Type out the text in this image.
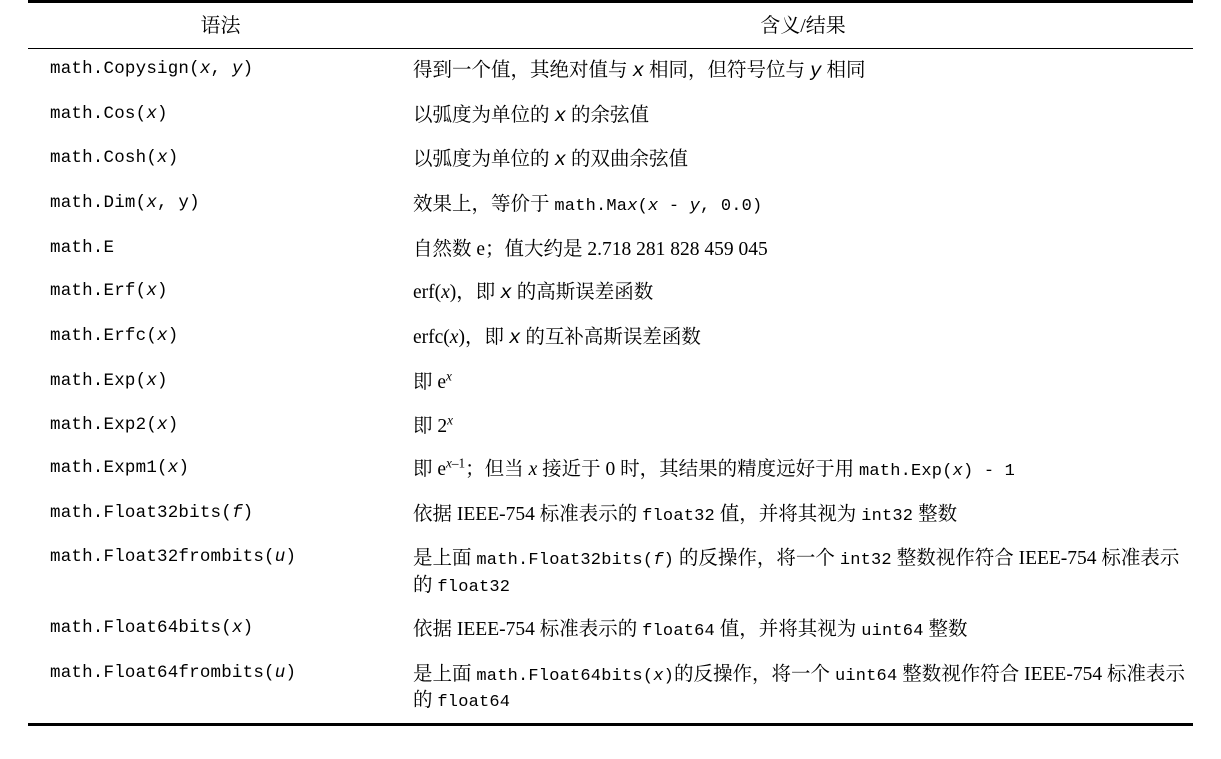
语法	含义/结果
math.Copysign(x, y)	得到一个值，其绝对值与 x 相同，但符号位与 y 相同
math.Cos(x)	以弧度为单位的 x 的余弦值
math.Cosh(x)	以弧度为单位的 x 的双曲余弦值
math.Dim(x, y)	效果上，等价于 math.Max(x - y, 0.0)
math.E	自然数 e；值大约是 2.718 281 828 459 045
math.Erf(x)	erf(x)，即 x 的高斯误差函数
math.Erfc(x)	erfc(x)，即 x 的互补高斯误差函数
math.Exp(x)	即 $e^x$
math.Exp2(x)	即 2$^x$
math.Expm1(x)	即 $e^{x-1}$；但当 x 接近于 0 时，其结果的精度远好于用 math.Exp(x) - 1
math.Float32bits(f)	依据 IEEE-754 标准表示的 float32 值，并将其视为 int32 整数
math.Float32frombits(u)	是上面 math.Float32bits(f) 的反操作，将一个 int32 整数视作符合 IEEE-754 标准表示的 float32
math.Float64bits(x)	依据 IEEE-754 标准表示的 float64 值，并将其视为 uint64 整数
math.Float64frombits(u)	是上面 math.Float64bits(x)的反操作，将一个 uint64 整数视作符合 IEEE-754 标准表示的 float64
